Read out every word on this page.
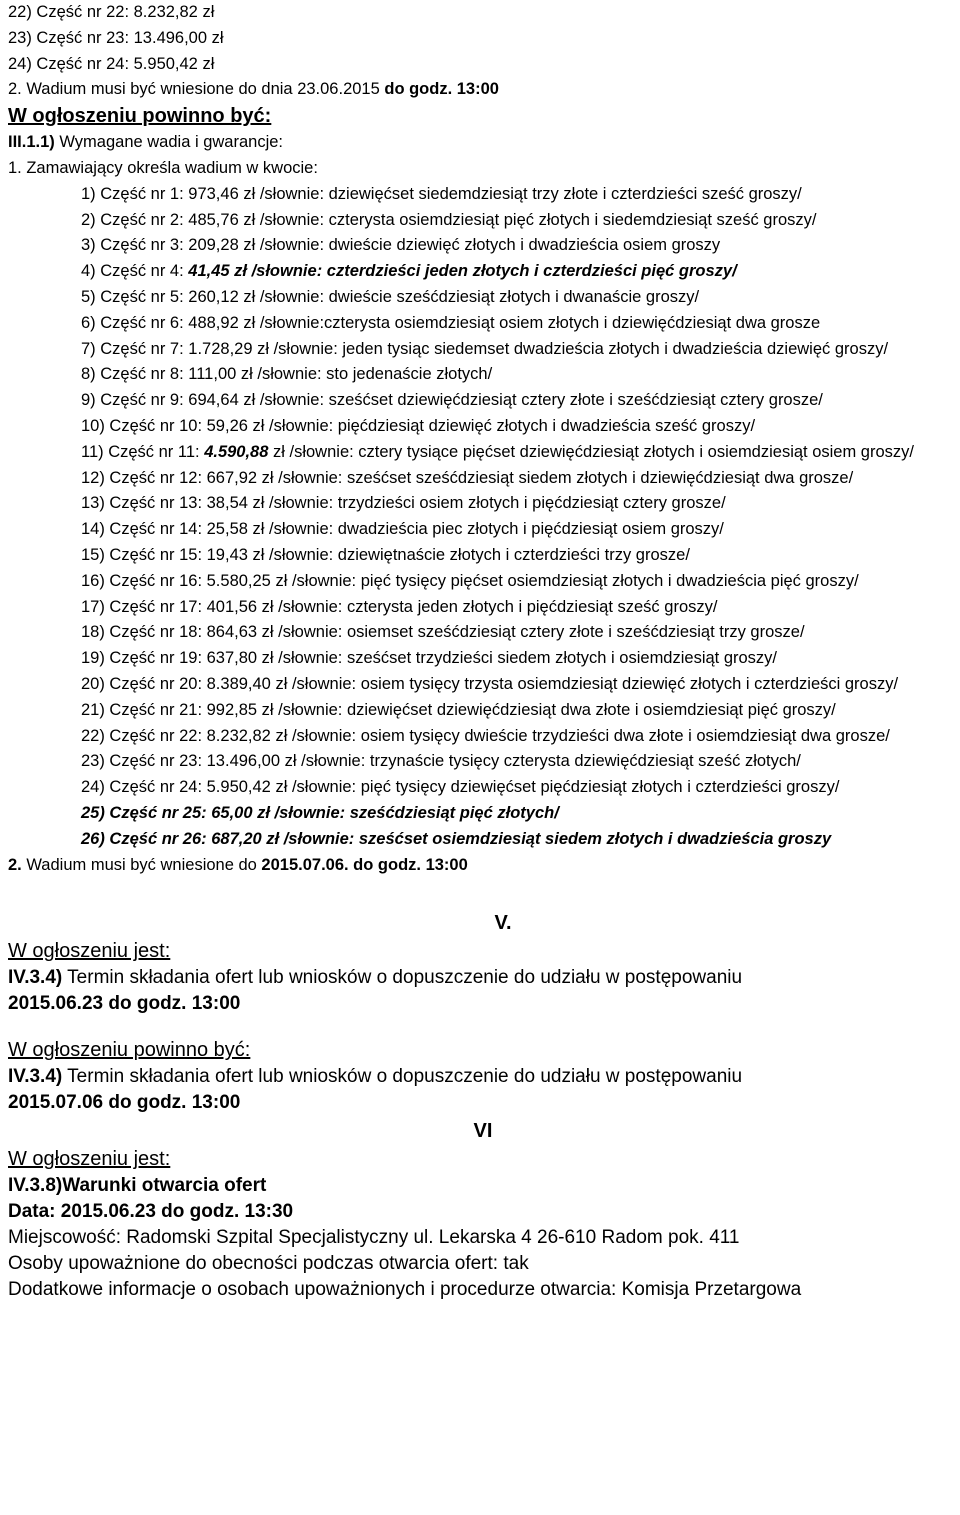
22) Część nr 22: 8.232,82 zł
23) Część nr 23: 13.496,00 zł
24) Część nr 24: 5.950,42 zł
2. Wadium musi być wniesione do dnia 23.06.2015 do godz. 13:00
W ogłoszeniu powinno być:
III.1.1) Wymagane wadia i gwarancje:
1. Zamawiający określa wadium w kwocie:
1) Część nr 1: 973,46 zł /słownie: dziewięćset siedemdziesiąt trzy złote i czterdzieści sześć groszy/
2) Część nr 2: 485,76 zł /słownie: czterysta osiemdziesiąt pięć złotych i siedemdziesiąt sześć groszy/
3) Część nr 3: 209,28 zł /słownie: dwieście dziewięć złotych i dwadzieścia osiem groszy
4) Część nr 4: 41,45 zł /słownie: czterdzieści jeden złotych i czterdzieści pięć groszy/
5) Część nr 5: 260,12 zł /słownie: dwieście sześćdziesiąt złotych i dwanaście groszy/
6) Część nr 6: 488,92 zł /słownie:czterysta osiemdziesiąt osiem złotych i dziewięćdziesiąt dwa grosze
7) Część nr 7: 1.728,29 zł /słownie: jeden tysiąc siedemset dwadzieścia złotych i dwadzieścia dziewięć groszy/
8) Część nr 8: 111,00 zł /słownie: sto jedenaście złotych/
9) Część nr 9: 694,64 zł /słownie: sześćset dziewięćdziesiąt cztery złote i sześćdziesiąt cztery grosze/
10) Część nr 10: 59,26 zł /słownie: pięćdziesiąt dziewięć złotych i dwadzieścia sześć groszy/
11) Część nr 11: 4.590,88 zł /słownie: cztery tysiące pięćset dziewięćdziesiąt złotych i osiemdziesiąt osiem groszy/
12) Część nr 12: 667,92 zł /słownie: sześćset sześćdziesiąt siedem złotych i dziewięćdziesiąt dwa grosze/
13) Część nr 13: 38,54 zł /słownie: trzydzieści osiem złotych i pięćdziesiąt cztery grosze/
14) Część nr 14: 25,58 zł /słownie: dwadzieścia piec złotych i pięćdziesiąt osiem groszy/
15) Część nr 15: 19,43 zł /słownie: dziewiętnaście złotych i czterdzieści trzy grosze/
16) Część nr 16: 5.580,25 zł /słownie: pięć tysięcy pięćset osiemdziesiąt złotych i dwadzieścia pięć groszy/
17) Część nr 17: 401,56 zł /słownie: czterysta jeden złotych i pięćdziesiąt sześć groszy/
18) Część nr 18: 864,63 zł /słownie: osiemset sześćdziesiąt cztery złote i sześćdziesiąt trzy grosze/
19) Część nr 19: 637,80 zł /słownie: sześćset trzydzieści siedem złotych i osiemdziesiąt groszy/
20) Część nr 20: 8.389,40 zł /słownie: osiem tysięcy trzysta osiemdziesiąt dziewięć złotych i czterdzieści groszy/
21) Część nr 21: 992,85 zł /słownie: dziewięćset dziewięćdziesiąt dwa złote i osiemdziesiąt pięć groszy/
22) Część nr 22: 8.232,82 zł /słownie: osiem tysięcy dwieście trzydzieści dwa złote i osiemdziesiąt dwa grosze/
23) Część nr 23: 13.496,00 zł /słownie: trzynaście tysięcy czterysta dziewięćdziesiąt sześć złotych/
24) Część nr 24: 5.950,42 zł /słownie: pięć tysięcy dziewięćset pięćdziesiąt złotych i czterdzieści groszy/
25) Część nr 25: 65,00 zł /słownie: sześćdziesiąt pięć złotych/
26) Część nr 26: 687,20 zł /słownie: sześćset osiemdziesiąt siedem złotych i dwadzieścia groszy
2. Wadium musi być wniesione do 2015.07.06. do godz. 13:00
V.
W ogłoszeniu jest:
IV.3.4) Termin składania ofert lub wniosków o dopuszczenie do udziału w postępowaniu
2015.06.23 do godz. 13:00
W ogłoszeniu powinno być:
IV.3.4) Termin składania ofert lub wniosków o dopuszczenie do udziału w postępowaniu
2015.07.06 do godz. 13:00
VI
W ogłoszeniu jest:
IV.3.8)Warunki otwarcia ofert
Data: 2015.06.23 do godz. 13:30
Miejscowość: Radomski Szpital Specjalistyczny ul. Lekarska 4 26-610 Radom pok. 411
Osoby upoważnione do obecności podczas otwarcia ofert: tak
Dodatkowe informacje o osobach upoważnionych i procedurze otwarcia: Komisja Przetargowa
